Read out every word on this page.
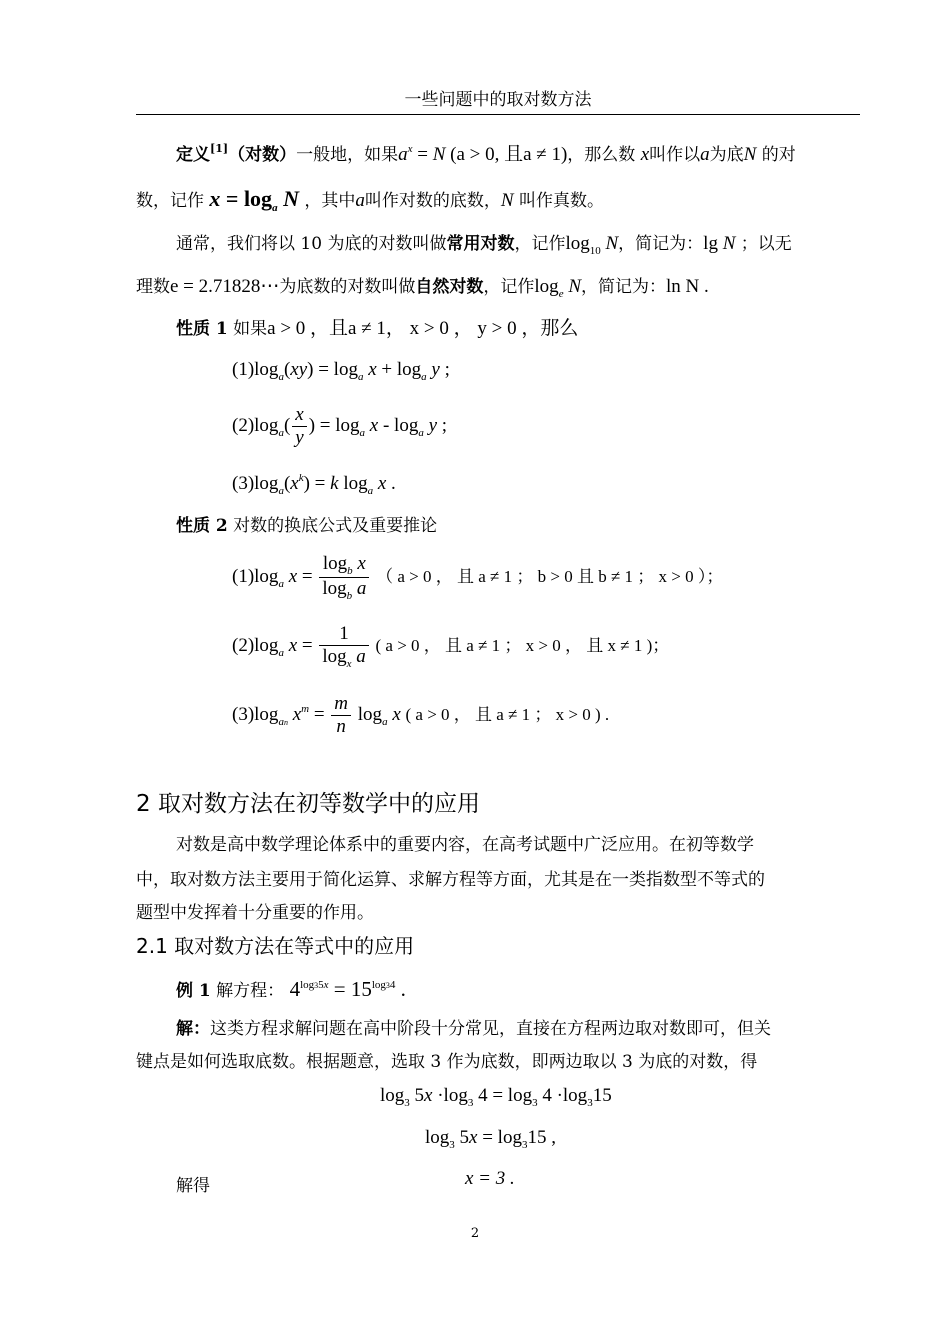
一些问题中的取对数方法
定义[1]（对数）一般地，如果$a^x = N$ (a > 0, 且a ≠ 1)，那么数 x叫作以a为底N 的对
数，记作 $x = \log_a N$ ，其中a叫作对数的底数，N 叫作真数。
通常，我们将以 10 为底的对数叫做常用对数，记作$\log_{10} N$，简记为：lg N ；以无
理数e = 2.71828⋯为底数的对数叫做自然对数，记作$\log_e N$，简记为：ln N .
性质 1 如果a > 0 ，且a ≠ 1， x > 0 ， y > 0 ，那么
$(1)\log_a(xy) = \log_a x + \log_a y$ ;
$(2)\log_a( \frac{x}{y}$ ) = $\log_a x - \log_a y$ ;
$(3)\log_a(x^k) = k$ $\log_a x$ .
性质 2 对数的换底公式及重要推论
$(1)\log_a$ $x = \frac{\log_b x}{\log_b a}$ （ a > 0 ， 且 a ≠ 1 ； b > 0 且 b ≠ 1 ； x > 0 ）；
$(2)\log_a$ $x = \frac{1}{\log_x a}$ ( a > 0 ， 且 a ≠ 1 ； x > 0 ， 且 x ≠ 1 )；
$(3)\log_{an}$ $x^m = \frac{m}{n} \log_a x$ ( a > 0 ， 且 a ≠ 1 ； x > 0 ) .
2 取对数方法在初等数学中的应用
对数是高中数学理论体系中的重要内容，在高考试题中广泛应用。在初等数学
中，取对数方法主要用于简化运算、求解方程等方面，尤其是在一类指数型不等式的
题型中发挥着十分重要的作用。
2.1 取对数方法在等式中的应用
例 1 解方程： $4^{log35x} = 15^{log34}$ .
解：这类方程求解问题在高中阶段十分常见，直接在方程两边取对数即可，但关
键点是如何选取底数。根据题意，选取 3 作为底数，即两边取以 3 为底的对数，得
$\log_3 5x \cdot\log_3$ $4 = \log_3 4 \cdot\log_315$
$\log_3 5x = \log_315$ ,
解得	x = 3 .
2
